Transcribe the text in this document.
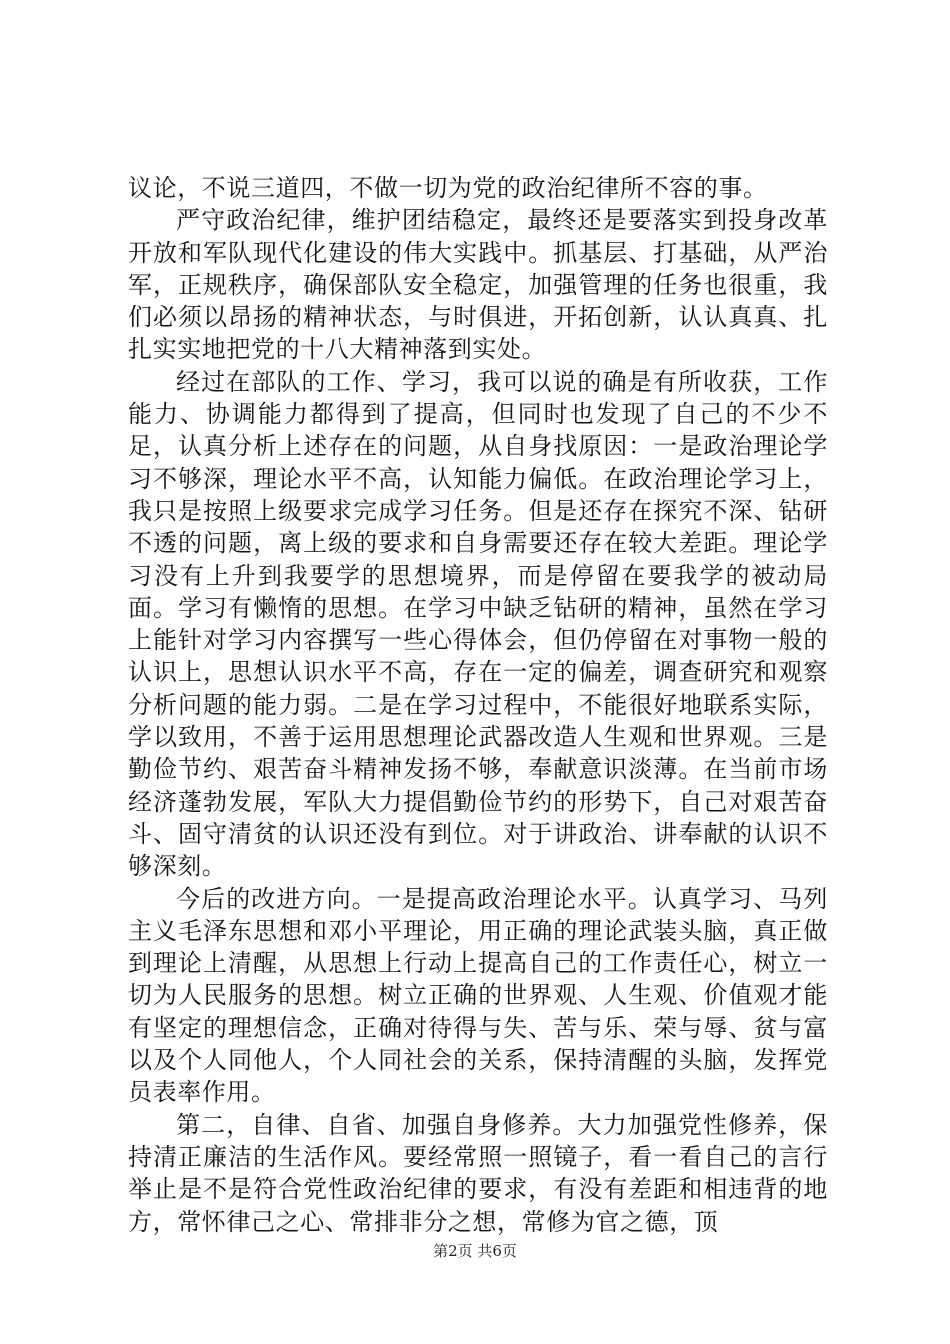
议论，不说三道四，不做一切为党的政治纪律所不容的事。

严守政治纪律，维护团结稳定，最终还是要落实到投身改革开放和军队现代化建设的伟大实践中。抓基层、打基础，从严治军，正规秩序，确保部队安全稳定，加强管理的任务也很重，我们必须以昂扬的精神状态，与时俱进，开拓创新，认认真真、扎扎实实地把党的十八大精神落到实处。

经过在部队的工作、学习，我可以说的确是有所收获，工作能力、协调能力都得到了提高，但同时也发现了自己的不少不足，认真分析上述存在的问题，从自身找原因：一是政治理论学习不够深，理论水平不高，认知能力偏低。在政治理论学习上，我只是按照上级要求完成学习任务。但是还存在探究不深、钻研不透的问题，离上级的要求和自身需要还存在较大差距。理论学习没有上升到我要学的思想境界，而是停留在要我学的被动局面。学习有懒惰的思想。在学习中缺乏钻研的精神，虽然在学习上能针对学习内容撰写一些心得体会，但仍停留在对事物一般的认识上，思想认识水平不高，存在一定的偏差，调查研究和观察分析问题的能力弱。二是在学习过程中，不能很好地联系实际，学以致用，不善于运用思想理论武器改造人生观和世界观。三是勤俭节约、艰苦奋斗精神发扬不够，奉献意识淡薄。在当前市场经济蓬勃发展，军队大力提倡勤俭节约的形势下，自己对艰苦奋斗、固守清贫的认识还没有到位。对于讲政治、讲奉献的认识不够深刻。

今后的改进方向。一是提高政治理论水平。认真学习、马列主义毛泽东思想和邓小平理论，用正确的理论武装头脑，真正做到理论上清醒，从思想上行动上提高自己的工作责任心，树立一切为人民服务的思想。树立正确的世界观、人生观、价值观才能有坚定的理想信念，正确对待得与失、苦与乐、荣与辱、贫与富以及个人同他人，个人同社会的关系，保持清醒的头脑，发挥党员表率作用。

第二，自律、自省、加强自身修养。大力加强党性修养，保持清正廉洁的生活作风。要经常照一照镜子，看一看自己的言行举止是不是符合党性政治纪律的要求，有没有差距和相违背的地方，常怀律己之心、常排非分之想，常修为官之德，顶

第2页 共6页
